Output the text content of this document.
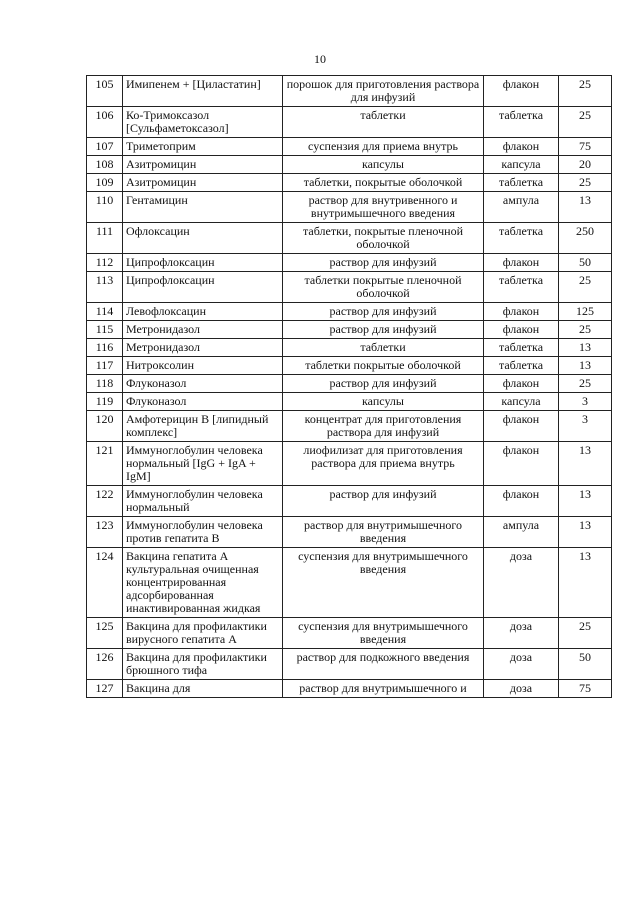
10
105	Имипенем + [Циластатин]	порошок для приготовления раствора для инфузий	флакон	25
106	Ко-Тримоксазол [Сульфаметоксазол]	таблетки	таблетка	25
107	Триметоприм	суспензия для приема внутрь	флакон	75
108	Азитромицин	капсулы	капсула	20
109	Азитромицин	таблетки, покрытые оболочкой	таблетка	25
110	Гентамицин	раствор для внутривенного и внутримышечного введения	ампула	13
111	Офлоксацин	таблетки, покрытые пленочной оболочкой	таблетка	250
112	Ципрофлоксацин	раствор для инфузий	флакон	50
113	Ципрофлоксацин	таблетки покрытые пленочной оболочкой	таблетка	25
114	Левофлоксацин	раствор для инфузий	флакон	125
115	Метронидазол	раствор для инфузий	флакон	25
116	Метронидазол	таблетки	таблетка	13
117	Нитроксолин	таблетки покрытые оболочкой	таблетка	13
118	Флуконазол	раствор для инфузий	флакон	25
119	Флуконазол	капсулы	капсула	3
120	Амфотерицин В [липидный комплекс]	концентрат для приготовления раствора для инфузий	флакон	3
121	Иммуноглобулин человека нормальный [IgG + IgA + IgM]	лиофилизат для приготовления раствора для приема внутрь	флакон	13
122	Иммуноглобулин человека нормальный	раствор для инфузий	флакон	13
123	Иммуноглобулин человека против гепатита В	раствор для внутримышечного введения	ампула	13
124	Вакцина гепатита А культуральная очищенная концентрированная адсорбированная инактивированная жидкая	суспензия для внутримышечного введения	доза	13
125	Вакцина для профилактики вирусного гепатита А	суспензия для внутримышечного введения	доза	25
126	Вакцина для профилактики брюшного тифа	раствор для подкожного введения	доза	50
127	Вакцина для	раствор для внутримышечного и	доза	75
